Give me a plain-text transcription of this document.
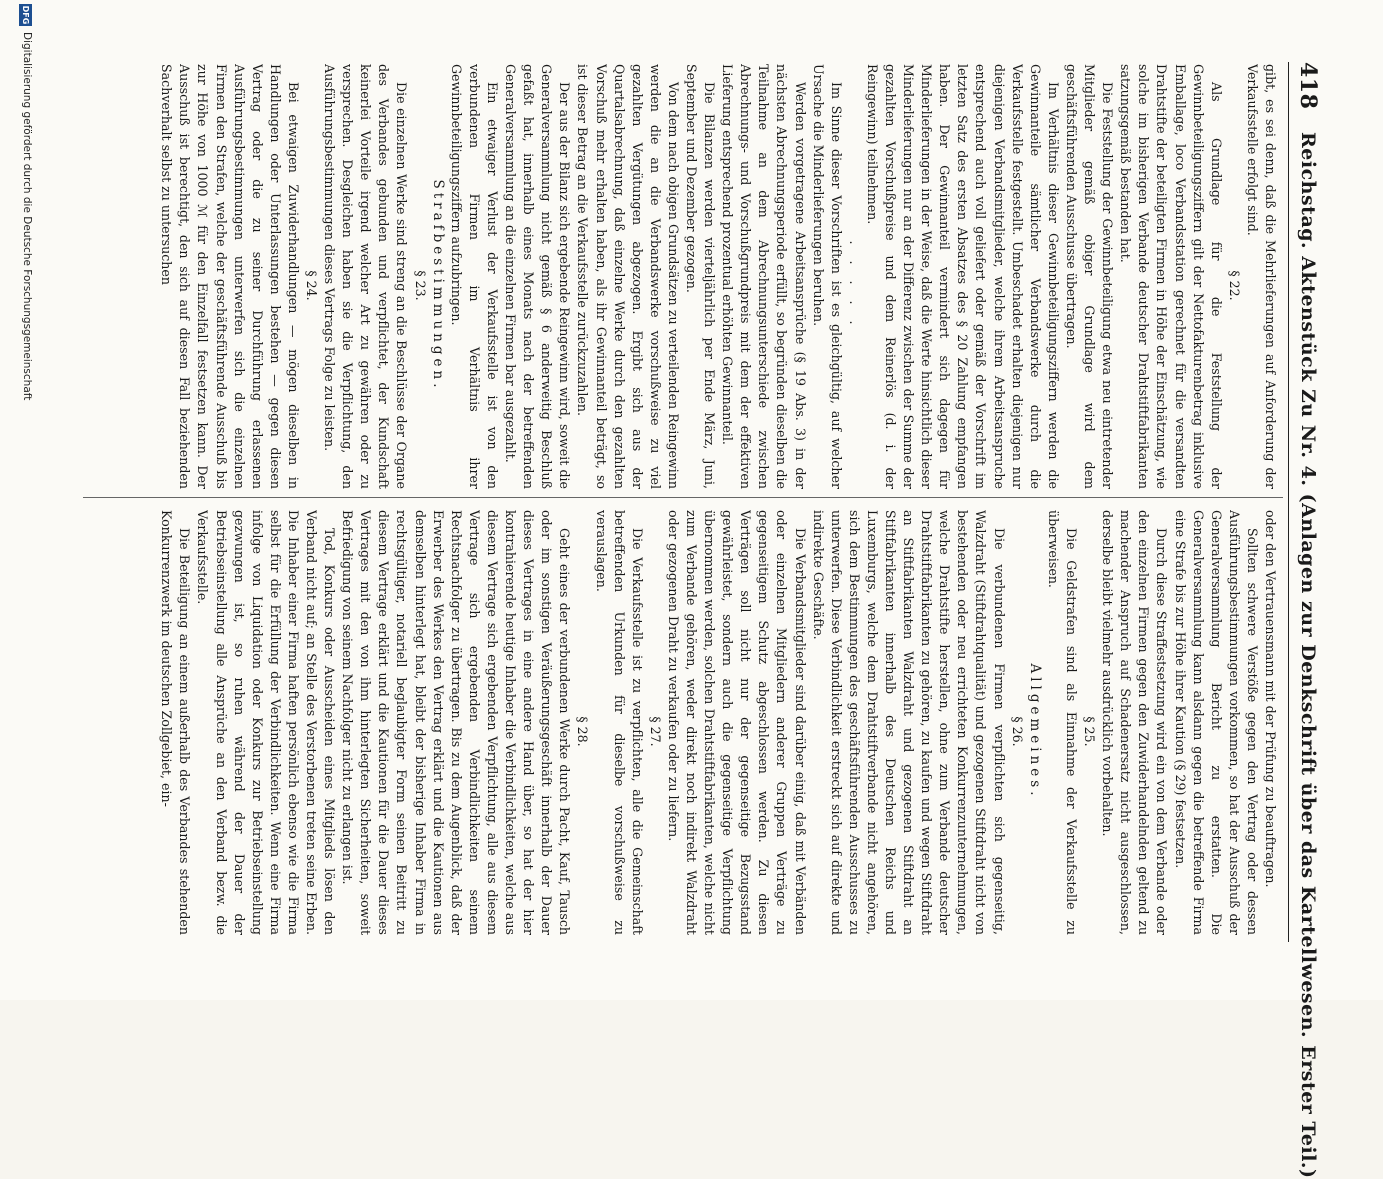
418
Reichstag. Aktenstück Zu Nr. 4. (Anlagen zur Denkschrift über das Kartellwesen. Erster Teil.)

gibt, es sei denn, daß die Mehrlieferungen auf Anforderung der Verkaufsstelle erfolgt sind.

§ 22.

Als Grundlage für die Feststellung der Gewinnbeteiligungsziffern gilt der Nettofakturenbetrag inklusive Emballage, loco Verbandsstation gerechnet für die versandten Drahtstifte der beteiligten Firmen in Höhe der Einschätzung, wie solche im bisherigen Verbande deutscher Drahtstiftfabrikanten satzungsgemäß bestanden hat.

Die Feststellung der Gewinnbeteiligung etwa neu eintretender Mitglieder gemäß obiger Grundlage wird dem geschäftsführenden Ausschusse übertragen.

Im Verhältnis dieser Gewinnbeteiligungsziffern werden die Gewinnanteile sämtlicher Verbandswerke durch die Verkaufsstelle festgestellt. Umbeschadet erhalten diejenigen nur diejenigen Verbandsmitglieder, welche ihrem Arbeitsanspruche entsprechend auch voll geliefert oder gemäß der Vorschrift im letzten Satz des ersten Absatzes des § 20 Zahlung empfangen haben. Der Gewinnanteil vermindert sich dagegen für Minderlieferungen in der Weise, daß die Werte hinsichtlich dieser Minderlieferungen nur an der Differenz zwischen der Summe der gezahlten Vorschußpreise und dem Reinerlös (d. i. der Reingewinn) teilnehmen.

. . . . .

Im Sinne dieser Vorschriften ist es gleichgültig, auf welcher Ursache die Minderlieferungen beruhen.

Werden vorgetragene Arbeitsansprüche (§ 19 Abs. 3) in der nächsten Abrechnungsperiode erfüllt, so begründen dieselben die Teilnahme an dem Abrechnungsunterschiede zwischen Abrechnungs- und Vorschußgrundpreis mit dem der effektiven Lieferung entsprechend prozentual erhöhten Gewinnanteil.

Die Bilanzen werden vierteljährlich per Ende März, Juni, September und Dezember gezogen.

Von dem nach obigen Grundsätzen zu verteilenden Reingewinn werden die an die Verbandswerke vorschußweise zu viel gezahlten Vergütungen abgezogen. Ergibt sich aus der Quartalsabrechnung, daß einzelne Werke durch den gezahlten Vorschuß mehr erhalten haben, als ihr Gewinnanteil beträgt, so ist dieser Betrag an die Verkaufsstelle zurückzuzahlen.

Der aus der Bilanz sich ergebende Reingewinn wird, soweit die Generalversammlung nicht gemäß § 6 anderweitig Beschluß gefaßt hat, innerhalb eines Monats nach der betreffenden Generalversammlung an die einzelnen Firmen bar ausgezahlt.

Ein etwaiger Verlust der Verkaufsstelle ist von den verbundenen Firmen im Verhältnis ihrer Gewinnbeteiligungsziffern aufzubringen.

Strafbestimmungen.

§ 23.

Die einzelnen Werke sind streng an die Beschlüsse der Organe des Verbandes gebunden und verpflichtet, der Kundschaft keinerlei Vorteile irgend welcher Art zu gewähren oder zu versprechen. Desgleichen haben sie die Verpflichtung, den Ausführungsbestimmungen dieses Vertrags Folge zu leisten.

§ 24.

Bei etwaigen Zuwiderhandlungen — mögen dieselben in Handlungen oder Unterlassungen bestehen — gegen diesen Vertrag oder die zu seiner Durchführung erlassenen Ausführungsbestimmungen unterwerfen sich die einzelnen Firmen den Strafen, welche der geschäftsführende Ausschuß bis zur Höhe von 1000 ℳ für den Einzelfall festsetzen kann. Der Ausschuß ist berechtigt, den sich auf diesen Fall beziehenden Sachverhalt selbst zu untersuchen

oder den Vertrauensmann mit der Prüfung zu beauftragen.

Sollten schwere Verstöße gegen den Vertrag oder dessen Ausführungsbestimmungen vorkommen, so hat der Ausschuß der Generalversammlung Bericht zu erstatten. Die Generalversammlung kann alsdann gegen die betreffende Firma eine Strafe bis zur Höhe ihrer Kaution (§ 29) festsetzen.

Durch diese Straffestsetzung wird ein von dem Verbande oder den einzelnen Firmen gegen den Zuwiderhandelnden geltend zu machender Anspruch auf Schadenersatz nicht ausgeschlossen, derselbe bleibt vielmehr ausdrücklich vorbehalten.

§ 25.

Die Geldstrafen sind als Einnahme der Verkaufsstelle zu überweisen.

Allgemeines.

§ 26.

Die verbundenen Firmen verpflichten sich gegenseitig, Walzdraht (Stiftdrahtqualität) und gezogenen Stiftdraht nicht von bestehenden oder neu errichteten Konkurrenzunternehmungen, welche Drahtstifte herstellen, ohne zum Verbande deutscher Drahtstiftfabrikanten zu gehören, zu kaufen und wegen Stiftdraht an Stiftfabrikanten Walzdraht und gezogenen Stiftdraht an Stiftfabrikanten innerhalb des Deutschen Reichs und Luxemburgs, welche dem Drahtstiftverbande nicht angehören, sich dem Bestimmungen des geschäftsführenden Ausschusses zu unterwerfen. Diese Verbindlichkeit erstreckt sich auf direkte und indirekte Geschäfte.

Die Verbandsmitglieder sind darüber einig, daß mit Verbänden oder einzelnen Mitgliedern anderer Gruppen Verträge zu gegenseitigem Schutz abgeschlossen werden. Zu diesen Verträgen soll nicht nur der gegenseitige Bezugsstand gewährleistet, sondern auch die gegenseitige Verpflichtung übernommen werden, solchen Drahtstiftfabrikanten, welche nicht zum Verbande gehören, weder direkt noch indirekt Walzdraht oder gezogenen Draht zu verkaufen oder zu liefern.

§ 27.

Die Verkaufsstelle ist zu verpflichten, alle die Gemeinschaft betreffenden Urkunden für dieselbe vorschußweise zu verauslagen.

§ 28.

Geht eines der verbundenen Werke durch Pacht, Kauf, Tausch oder im sonstigen Veräußerungsgeschäft innerhalb der Dauer dieses Vertrages in eine andere Hand über, so hat der hier kontrahierende heutige Inhaber die Verbindlichkeiten, welche aus diesem Vertrage sich ergebenden Verpflichtung, alle aus diesem Vertrage sich ergebenden Verbindlichkeiten seinem Rechtsnachfolger zu übertragen. Bis zu dem Augenblick, daß der Erwerber des Werkes den Vertrag erklärt und die Kautionen aus demselben hinterlegt hat, bleibt der bisherige Inhaber Firma in rechtsgültiger, notariell beglaubigter Form seinen Beitritt zu diesem Vertrage erklärt und die Kautionen für die Dauer dieses Vertrages mit den von ihm hinterlegten Sicherheiten, soweit Befriedigung von seinem Nachfolger nicht zu erlangen ist.

Tod, Konkurs oder Ausscheiden eines Mitglieds lösen den Verband nicht auf; an Stelle des Verstorbenen treten seine Erben. Die Inhaber einer Firma haften persönlich ebenso wie die Firma selbst für die Erfüllung der Verbindlichkeiten. Wenn eine Firma infolge von Liquidation oder Konkurs zur Betriebseinstellung gezwungen ist, so ruhen während der Dauer der Betriebseinstellung alle Ansprüche an den Verband bezw. die Verkaufsstelle.

Die Beteiligung an einem außerhalb des Verbandes stehenden Konkurrenzwerk im deutschen Zollgebiet, ein-

DFG
Digitalisierung gefördert durch die Deutsche Forschungsgemeinschaft
